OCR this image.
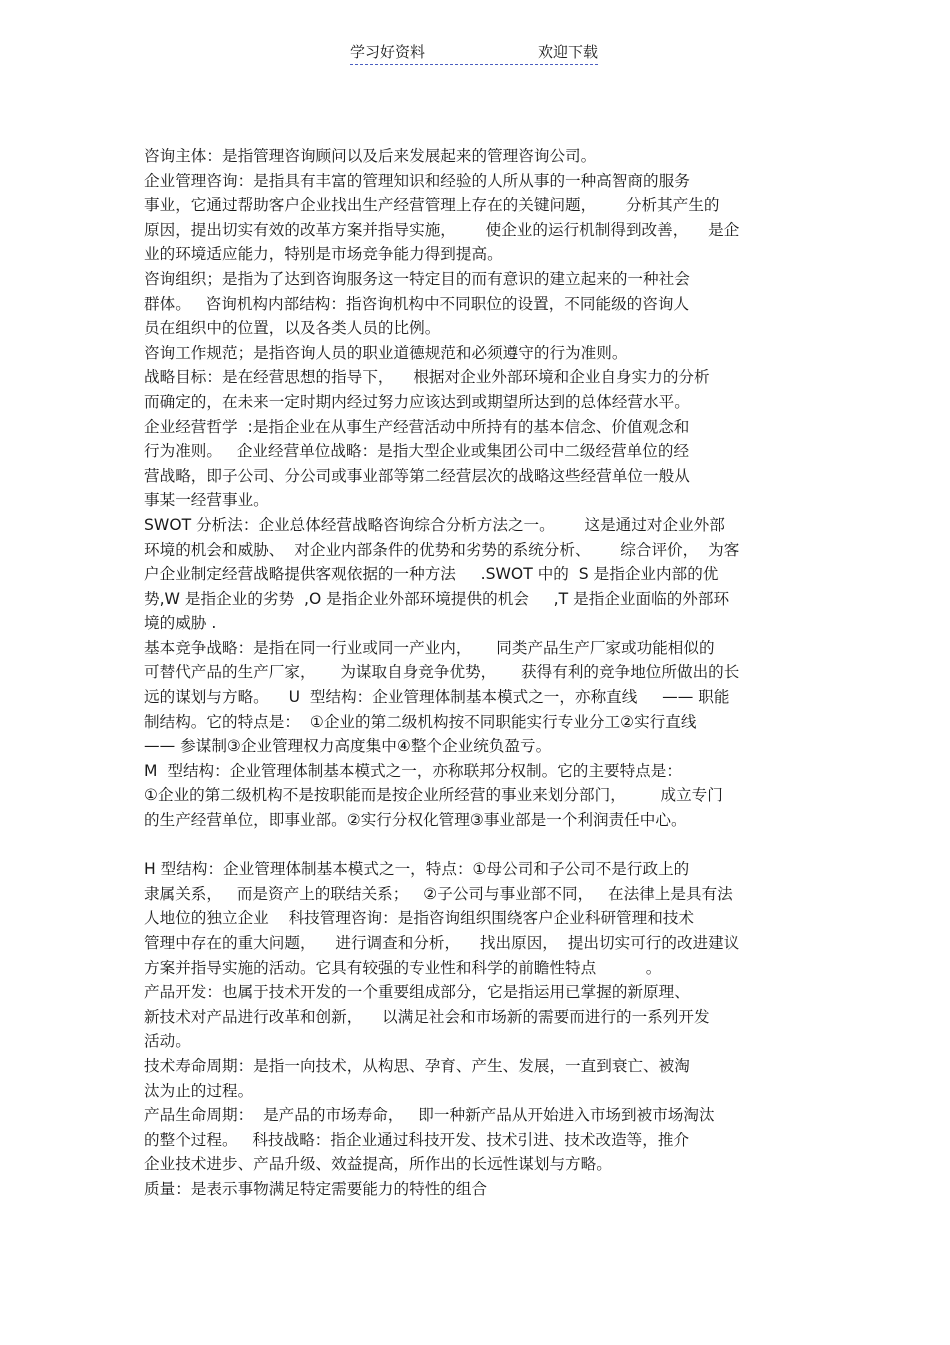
学习好资料	欢迎下载
咨询主体：是指管理咨询顾问以及后来发展起来的管理咨询公司。
企业管理咨询：是指具有丰富的管理知识和经验的人所从事的一种高智商的服务
事业，它通过帮助客户企业找出生产经营管理上存在的关键问题，      分析其产生的
原因，提出切实有效的改革方案并指导实施，      使企业的运行机制得到改善，    是企
业的环境适应能力，特别是市场竞争能力得到提高。
咨询组织；是指为了达到咨询服务这一特定目的而有意识的建立起来的一种社会
群体。   咨询机构内部结构：指咨询机构中不同职位的设置，不同能级的咨询人
员在组织中的位置，以及各类人员的比例。
咨询工作规范；是指咨询人员的职业道德规范和必须遵守的行为准则。
战略目标：是在经营思想的指导下，    根据对企业外部环境和企业自身实力的分析
而确定的，在未来一定时期内经过努力应该达到或期望所达到的总体经营水平。
企业经营哲学  :是指企业在从事生产经营活动中所持有的基本信念、价值观念和
行为准则。   企业经营单位战略：是指大型企业或集团公司中二级经营单位的经
营战略，即子公司、分公司或事业部等第二经营层次的战略这些经营单位一般从
事某一经营事业。
SWOT 分析法：企业总体经营战略咨询综合分析方法之一。      这是通过对企业外部
环境的机会和威胁、  对企业内部条件的优势和劣势的系统分析、      综合评价，  为客
户企业制定经营战略提供客观依据的一种方法     .SWOT 中的  S 是指企业内部的优
势,W 是指企业的劣势  ,O 是指企业外部环境提供的机会     ,T 是指企业面临的外部环
境的威胁 .
基本竞争战略：是指在同一行业或同一产业内，     同类产品生产厂家或功能相似的
可替代产品的生产厂家，     为谋取自身竞争优势，     获得有利的竞争地位所做出的长
远的谋划与方略。    U  型结构：企业管理体制基本模式之一，亦称直线     —— 职能
制结构。它的特点是：  ①企业的第二级机构按不同职能实行专业分工②实行直线
—— 参谋制③企业管理权力高度集中④整个企业统负盈亏。
M  型结构：企业管理体制基本模式之一，亦称联邦分权制。它的主要特点是：
①企业的第二级机构不是按职能而是按企业所经营的事业来划分部门，       成立专门
的生产经营单位，即事业部。②实行分权化管理③事业部是一个利润责任中心。
H 型结构：企业管理体制基本模式之一，特点：①母公司和子公司不是行政上的
隶属关系，   而是资产上的联结关系；   ②子公司与事业部不同，   在法律上是具有法
人地位的独立企业    科技管理咨询：是指咨询组织围绕客户企业科研管理和技术
管理中存在的重大问题，    进行调查和分析，    找出原因，  提出切实可行的改进建议
方案并指导实施的活动。它具有较强的专业性和科学的前瞻性特点          。
产品开发：也属于技术开发的一个重要组成部分，它是指运用已掌握的新原理、
新技术对产品进行改革和创新，    以满足社会和市场新的需要而进行的一系列开发
活动。
技术寿命周期：是指一向技术，从构思、孕育、产生、发展，一直到衰亡、被淘
汰为止的过程。
产品生命周期：  是产品的市场寿命，   即一种新产品从开始进入市场到被市场淘汰
的整个过程。   科技战略：指企业通过科技开发、技术引进、技术改造等，推介
企业技术进步、产品升级、效益提高，所作出的长远性谋划与方略。
质量：是表示事物满足特定需要能力的特性的组合
